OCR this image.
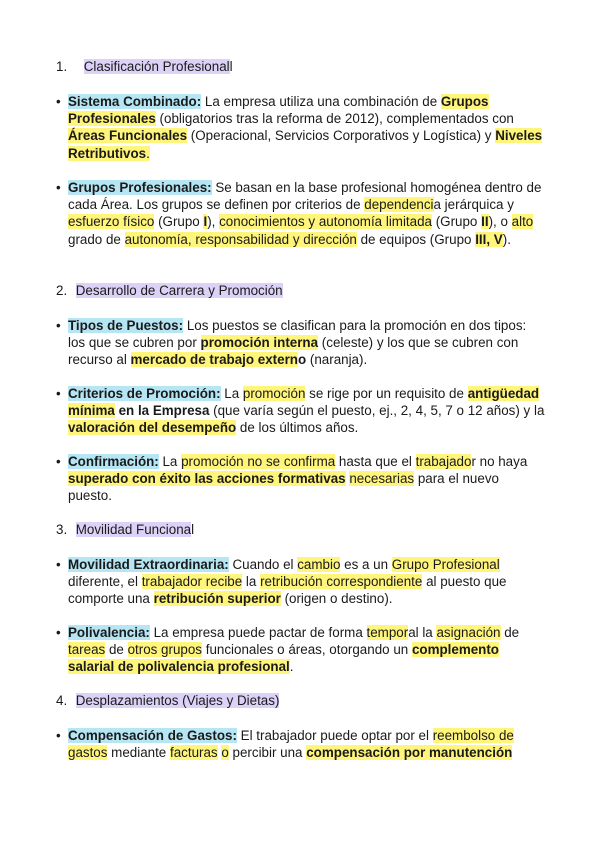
1. Clasificación Profesionall
• Sistema Combinado: La empresa utiliza una combinación de Grupos Profesionales (obligatorios tras la reforma de 2012), complementados con Áreas Funcionales (Operacional, Servicios Corporativos y Logística) y Niveles Retributivos.
• Grupos Profesionales: Se basan en la base profesional homogénea dentro de cada Área. Los grupos se definen por criterios de dependencia jerárquica y esfuerzo físico (Grupo I), conocimientos y autonomía limitada (Grupo II), o alto grado de autonomía, responsabilidad y dirección de equipos (Grupo III, V).
2. Desarrollo de Carrera y Promoción
• Tipos de Puestos: Los puestos se clasifican para la promoción en dos tipos: los que se cubren por promoción interna (celeste) y los que se cubren con recurso al mercado de trabajo externo (naranja).
• Criterios de Promoción: La promoción se rige por un requisito de antigüedad mínima en la Empresa (que varía según el puesto, ej., 2, 4, 5, 7 o 12 años) y la valoración del desempeño de los últimos años.
• Confirmación: La promoción no se confirma hasta que el trabajador no haya superado con éxito las acciones formativas necesarias para el nuevo puesto.
3. Movilidad Funcional
• Movilidad Extraordinaria: Cuando el cambio es a un Grupo Profesional diferente, el trabajador recibe la retribución correspondiente al puesto que comporte una retribución superior (origen o destino).
• Polivalencia: La empresa puede pactar de forma temporal la asignación de tareas de otros grupos funcionales o áreas, otorgando un complemento salarial de polivalencia profesional.
4. Desplazamientos (Viajes y Dietas)
• Compensación de Gastos: El trabajador puede optar por el reembolso de gastos mediante facturas o percibir una compensación por manutención
